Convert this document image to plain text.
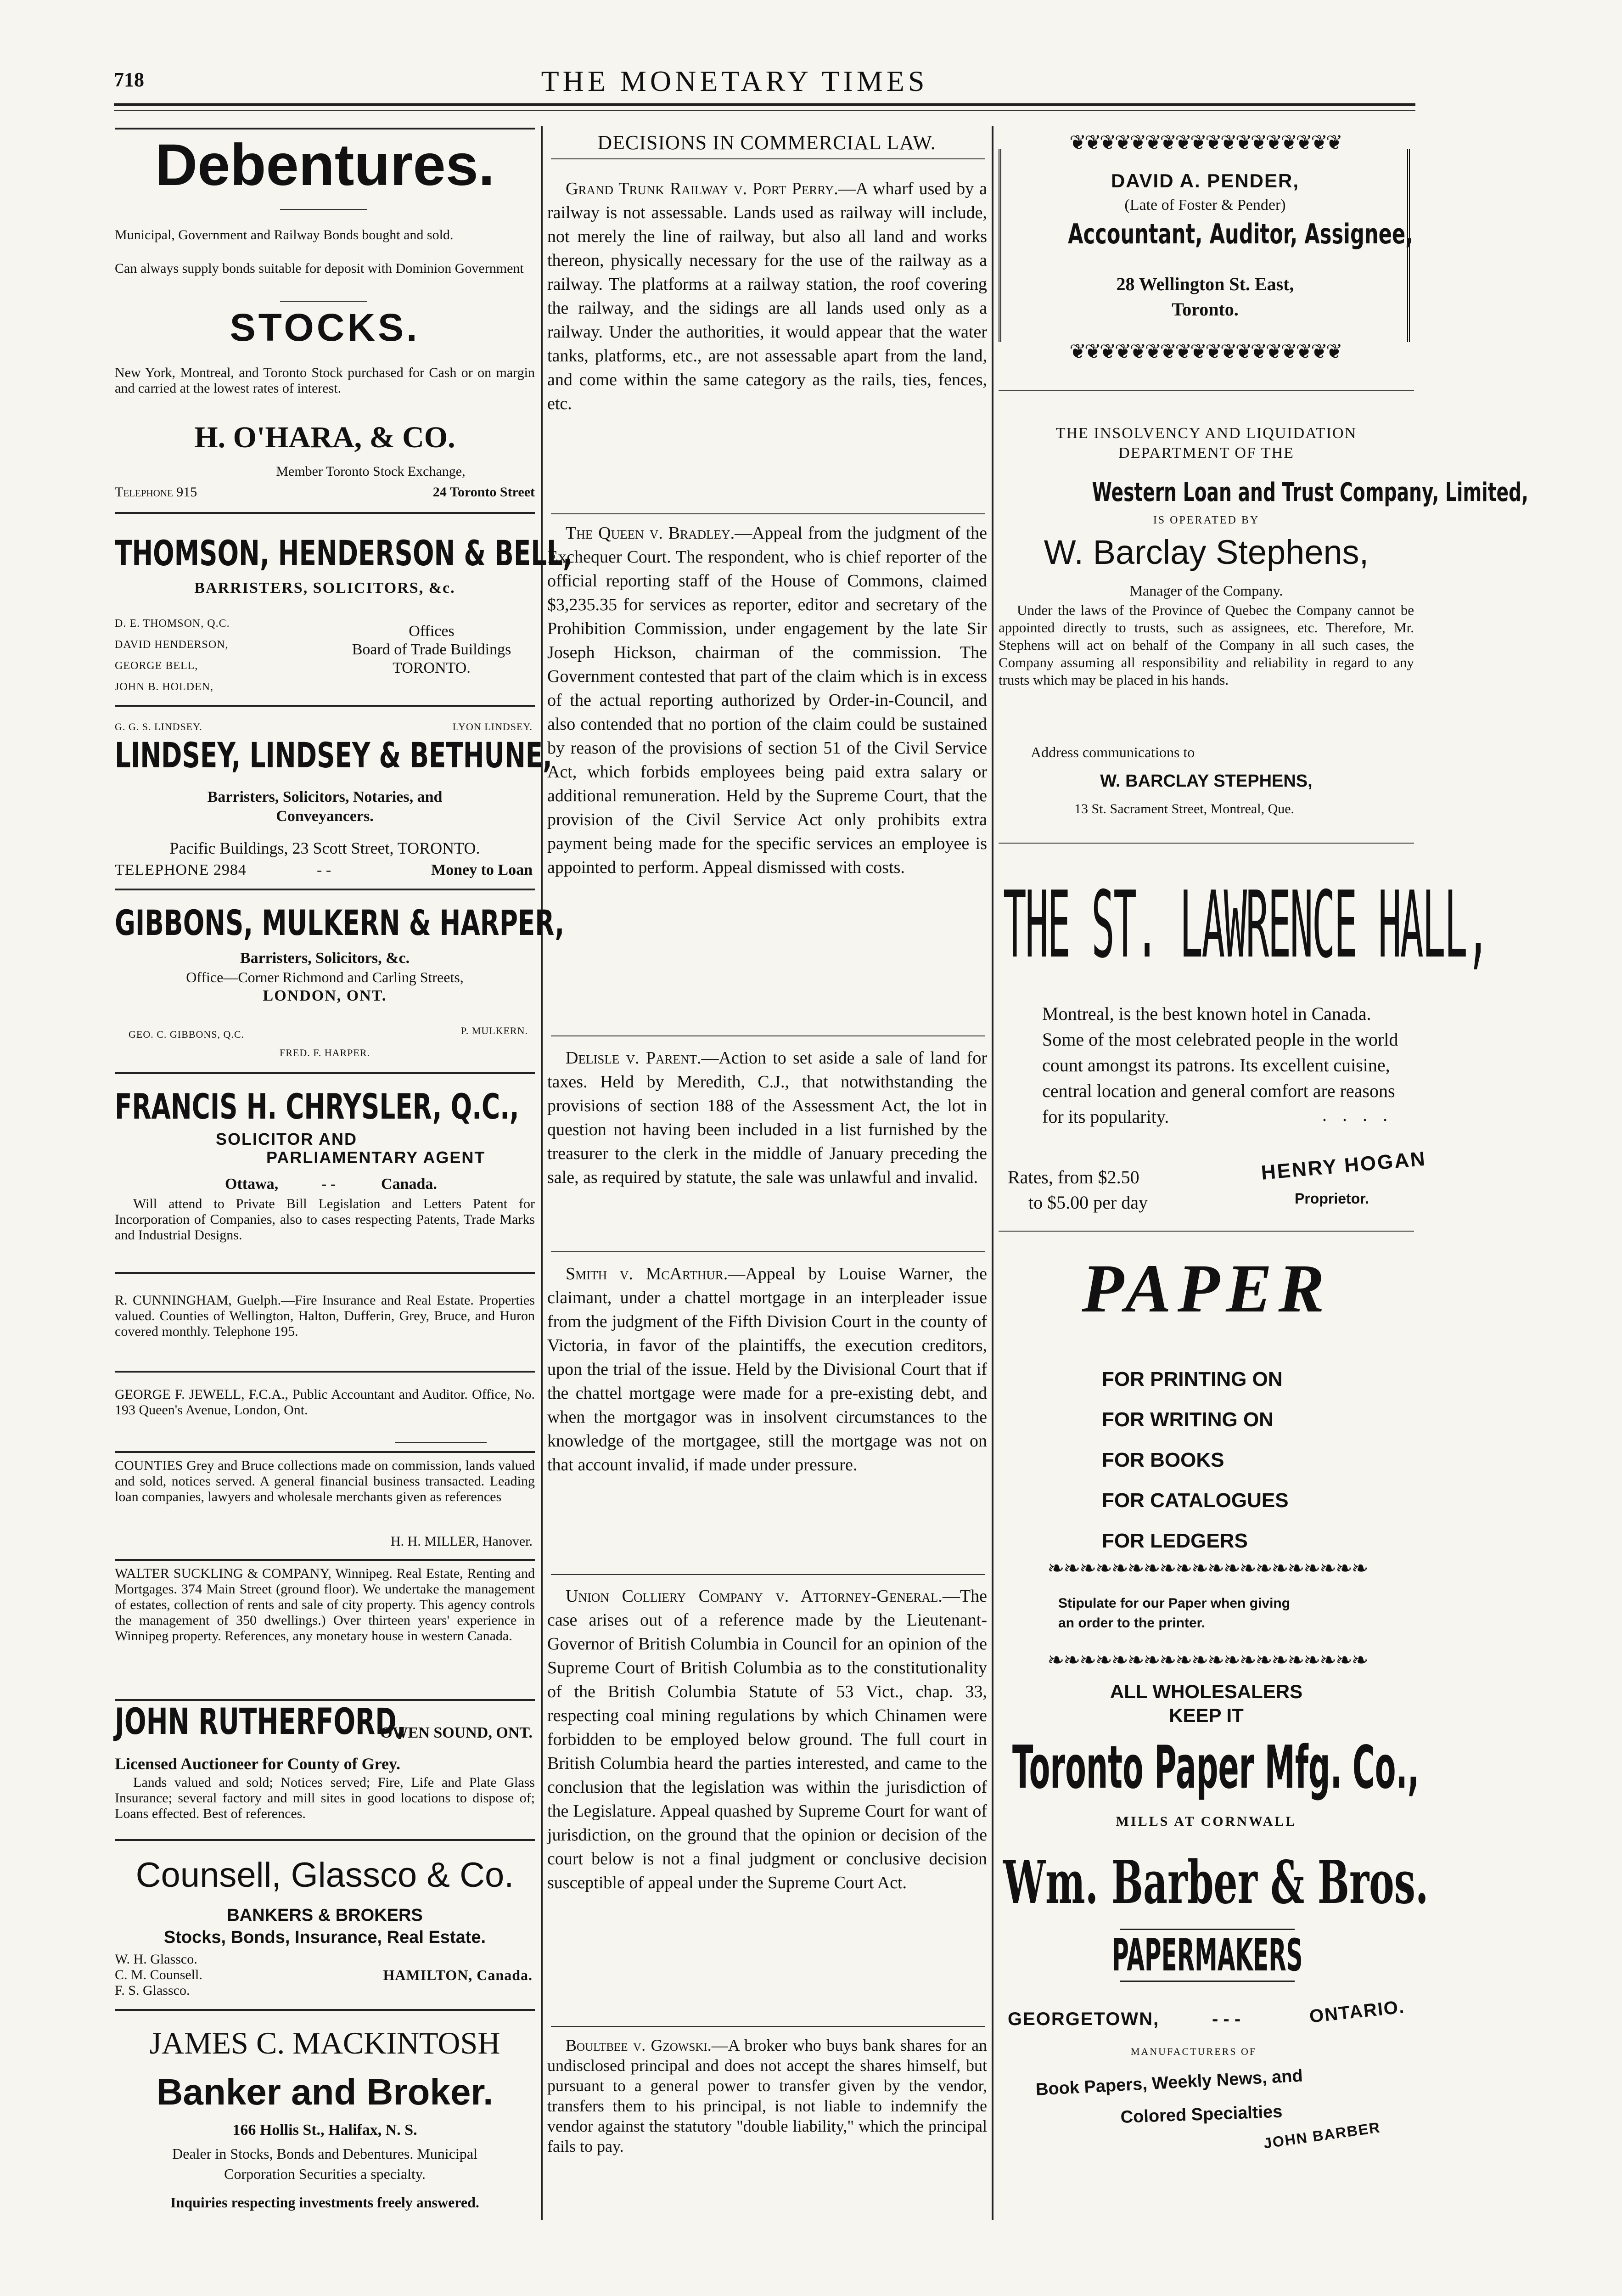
718	THE MONETARY TIMES
Debentures.
Municipal, Government and Railway Bonds bought and sold.
Can always supply bonds suitable for deposit with Dominion Government
STOCKS.
New York, Montreal, and Toronto Stock purchased for Cash or on margin and carried at the lowest rates of interest.
H. O'HARA, & CO.
Member Toronto Stock Exchange,
Telephone 915	24 Toronto Street
THOMSON, HENDERSON & BELL,
BARRISTERS, SOLICITORS, &c.
D. E. THOMSON, Q.C.
DAVID HENDERSON,
GEORGE BELL,
JOHN B. HOLDEN,
Offices
Board of Trade Buildings
TORONTO.
G. G. S. LINDSEY.	LYON LINDSEY.
LINDSEY, LINDSEY & BETHUNE,
Barristers, Solicitors, Notaries, and
Conveyancers.
Pacific Buildings, 23 Scott Street, TORONTO.
TELEPHONE 2984	- -	Money to Loan
GIBBONS, MULKERN & HARPER,
Barristers, Solicitors, &c.
Office—Corner Richmond and Carling Streets,
LONDON, ONT.
GEO. C. GIBBONS, Q.C.	P. MULKERN.
FRED. F. HARPER.
FRANCIS H. CHRYSLER, Q.C.,
SOLICITOR AND
PARLIAMENTARY AGENT
Ottawa,	- -	Canada.
Will attend to Private Bill Legislation and Letters Patent for Incorporation of Companies, also to cases respecting Patents, Trade Marks and Industrial Designs.
R. CUNNINGHAM, Guelph.—Fire Insurance and Real Estate. Properties valued. Counties of Wellington, Halton, Dufferin, Grey, Bruce, and Huron covered monthly. Telephone 195.
GEORGE F. JEWELL, F.C.A., Public Accountant and Auditor. Office, No. 193 Queen's Avenue, London, Ont.
COUNTIES Grey and Bruce collections made on commission, lands valued and sold, notices served. A general financial business transacted. Leading loan companies, lawyers and wholesale merchants given as references
H. H. MILLER, Hanover.
WALTER SUCKLING & COMPANY, Winnipeg. Real Estate, Renting and Mortgages. 374 Main Street (ground floor). We undertake the management of estates, collection of rents and sale of city property. This agency controls the management of 350 dwellings.) Over thirteen years' experience in Winnipeg property. References, any monetary house in western Canada.
JOHN RUTHERFORD,
OWEN SOUND, ONT.
Licensed Auctioneer for County of Grey.
Lands valued and sold; Notices served; Fire, Life and Plate Glass Insurance; several factory and mill sites in good locations to dispose of; Loans effected. Best of references.
Counsell, Glassco & Co.
BANKERS & BROKERS
Stocks, Bonds, Insurance, Real Estate.
W. H. Glassco.
C. M. Counsell.
F. S. Glassco.
HAMILTON, Canada.
JAMES C. MACKINTOSH
Banker and Broker.
166 Hollis St., Halifax, N. S.
Dealer in Stocks, Bonds and Debentures. Municipal
Corporation Securities a specialty.
Inquiries respecting investments freely answered.
DECISIONS IN COMMERCIAL LAW.
Grand Trunk Railway v. Port Perry.—A wharf used by a railway is not assessable. Lands used as railway will include, not merely the line of railway, but also all land and works thereon, physically necessary for the use of the railway as a railway. The platforms at a railway station, the roof covering the railway, and the sidings are all lands used only as a railway. Under the authorities, it would appear that the water tanks, platforms, etc., are not assessable apart from the land, and come within the same category as the rails, ties, fences, etc.
The Queen v. Bradley.—Appeal from the judgment of the Exchequer Court. The respondent, who is chief reporter of the official reporting staff of the House of Commons, claimed $3,235.35 for services as reporter, editor and secretary of the Prohibition Commission, under engagement by the late Sir Joseph Hickson, chairman of the commission. The Government contested that part of the claim which is in excess of the actual reporting authorized by Order-in-Council, and also contended that no portion of the claim could be sustained by reason of the provisions of section 51 of the Civil Service Act, which forbids employees being paid extra salary or additional remuneration. Held by the Supreme Court, that the provision of the Civil Service Act only prohibits extra payment being made for the specific services an employee is appointed to perform. Appeal dismissed with costs.
Delisle v. Parent.—Action to set aside a sale of land for taxes. Held by Meredith, C.J., that notwithstanding the provisions of section 188 of the Assessment Act, the lot in question not having been included in a list furnished by the treasurer to the clerk in the middle of January preceding the sale, as required by statute, the sale was unlawful and invalid.
Smith v. McArthur.—Appeal by Louise Warner, the claimant, under a chattel mortgage in an interpleader issue from the judgment of the Fifth Division Court in the county of Victoria, in favor of the plaintiffs, the execution creditors, upon the trial of the issue. Held by the Divisional Court that if the chattel mortgage were made for a pre-existing debt, and when the mortgagor was in insolvent circumstances to the knowledge of the mortgagee, still the mortgage was not on that account invalid, if made under pressure.
Union Colliery Company v. Attorney-General.—The case arises out of a reference made by the Lieutenant-Governor of British Columbia in Council for an opinion of the Supreme Court of British Columbia as to the constitutionality of the British Columbia Statute of 53 Vict., chap. 33, respecting coal mining regulations by which Chinamen were forbidden to be employed below ground. The full court in British Columbia heard the parties interested, and came to the conclusion that the legislation was within the jurisdiction of the Legislature. Appeal quashed by Supreme Court for want of jurisdiction, on the ground that the opinion or decision of the court below is not a final judgment or conclusive decision susceptible of appeal under the Supreme Court Act.
Boultbee v. Gzowski.—A broker who buys bank shares for an undisclosed principal and does not accept the shares himself, but pursuant to a general power to transfer given by the vendor, transfers them to his principal, is not liable to indemnify the vendor against the statutory "double liability," which the principal fails to pay.
❦❦❦❦❦❦❦❦❦❦❦❦❦❦❦❦❦❦
❦❦❦❦❦❦❦❦❦❦❦❦❦❦❦❦❦❦
DAVID A. PENDER,
(Late of Foster & Pender)
Accountant, Auditor, Assignee,
28 Wellington St. East,
Toronto.
THE INSOLVENCY AND LIQUIDATION
DEPARTMENT OF THE
Western Loan and Trust Company, Limited,
IS OPERATED BY
W. Barclay Stephens,
Manager of the Company.
Under the laws of the Province of Quebec the Company cannot be appointed directly to trusts, such as assignees, etc. Therefore, Mr. Stephens will act on behalf of the Company in all such cases, the Company assuming all responsibility and reliability in regard to any trusts which may be placed in his hands.
Address communications to
W. BARCLAY STEPHENS,
13 St. Sacrament Street, Montreal, Que.
THE ST. LAWRENCE HALL,
Montreal, is the best known hotel in Canada. Some of the most celebrated people in the world count amongst its patrons. Its excellent cuisine, central location and general comfort are reasons for its popularity.	. . . .
Rates, from $2.50
to $5.00 per day
HENRY HOGAN
Proprietor.
PAPER
FOR PRINTING ON
FOR WRITING ON
FOR BOOKS
FOR CATALOGUES
FOR LEDGERS
❧❧❧❧❧❧❧❧❧❧❧❧❧❧❧❧❧❧❧❧
Stipulate for our Paper when giving
an order to the printer.
❧❧❧❧❧❧❧❧❧❧❧❧❧❧❧❧❧❧❧❧
ALL WHOLESALERS
KEEP IT
Toronto Paper Mfg. Co.,
MILLS AT CORNWALL
Wm. Barber & Bros.
PAPERMAKERS
GEORGETOWN,	- - -	ONTARIO.
MANUFACTURERS OF
Book Papers, Weekly News, and
Colored Specialties
JOHN BARBER
